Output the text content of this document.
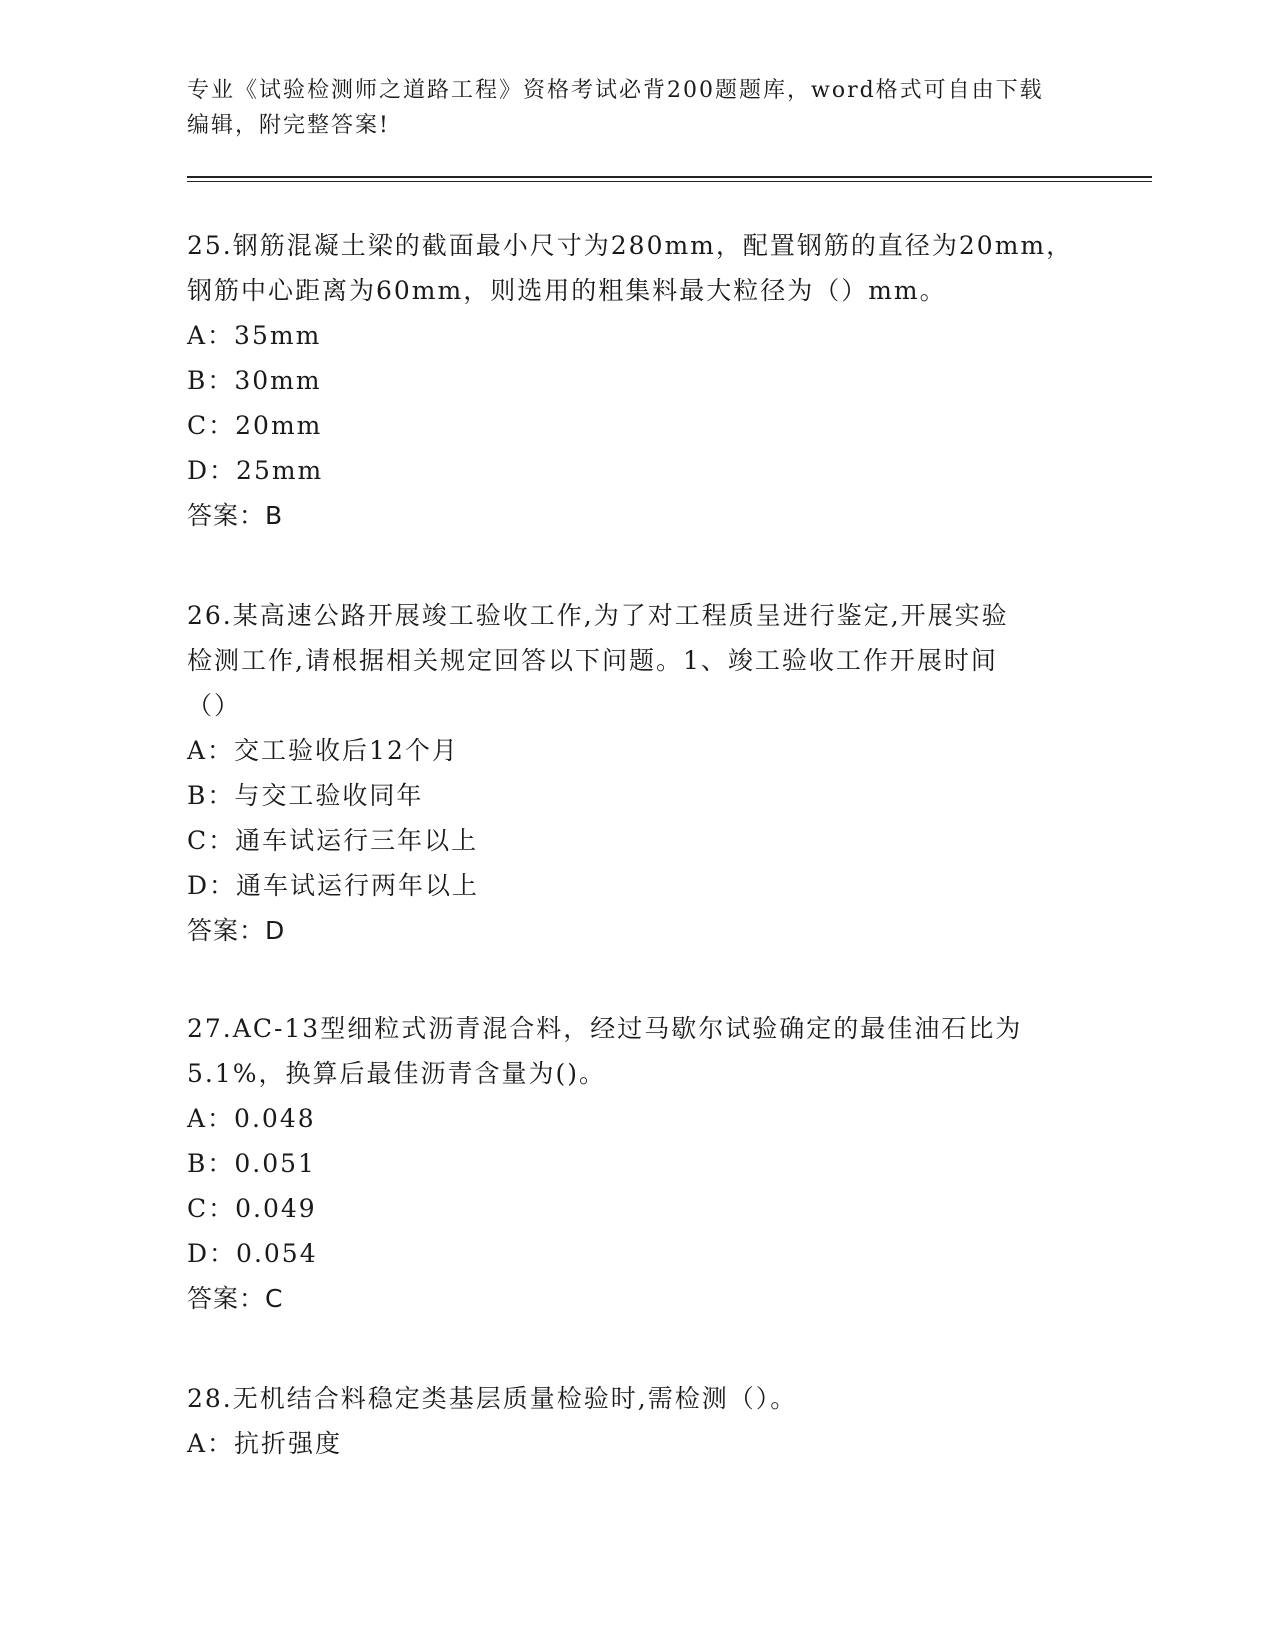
专业《试验检测师之道路工程》资格考试必背200题题库，word格式可自由下载
编辑，附完整答案!

25.钢筋混凝土梁的截面最小尺寸为280mm，配置钢筋的直径为20mm，

钢筋中心距离为60mm，则选用的粗集料最大粒径为（）mm。

A：35mm

B：30mm

C：20mm

D：25mm

答案：B

26.某高速公路开展竣工验收工作,为了对工程质呈进行鉴定,开展实验

检测工作,请根据相关规定回答以下问题。1、竣工验收工作开展时间

（）

A：交工验收后12个月

B：与交工验收同年

C：通车试运行三年以上

D：通车试运行两年以上

答案：D

27.AC-13型细粒式沥青混合料，经过马歇尔试验确定的最佳油石比为

5.1%，换算后最佳沥青含量为()。

A：0.048

B：0.051

C：0.049

D：0.054

答案：C

28.无机结合料稳定类基层质量检验时,需检测（）。

A：抗折强度
